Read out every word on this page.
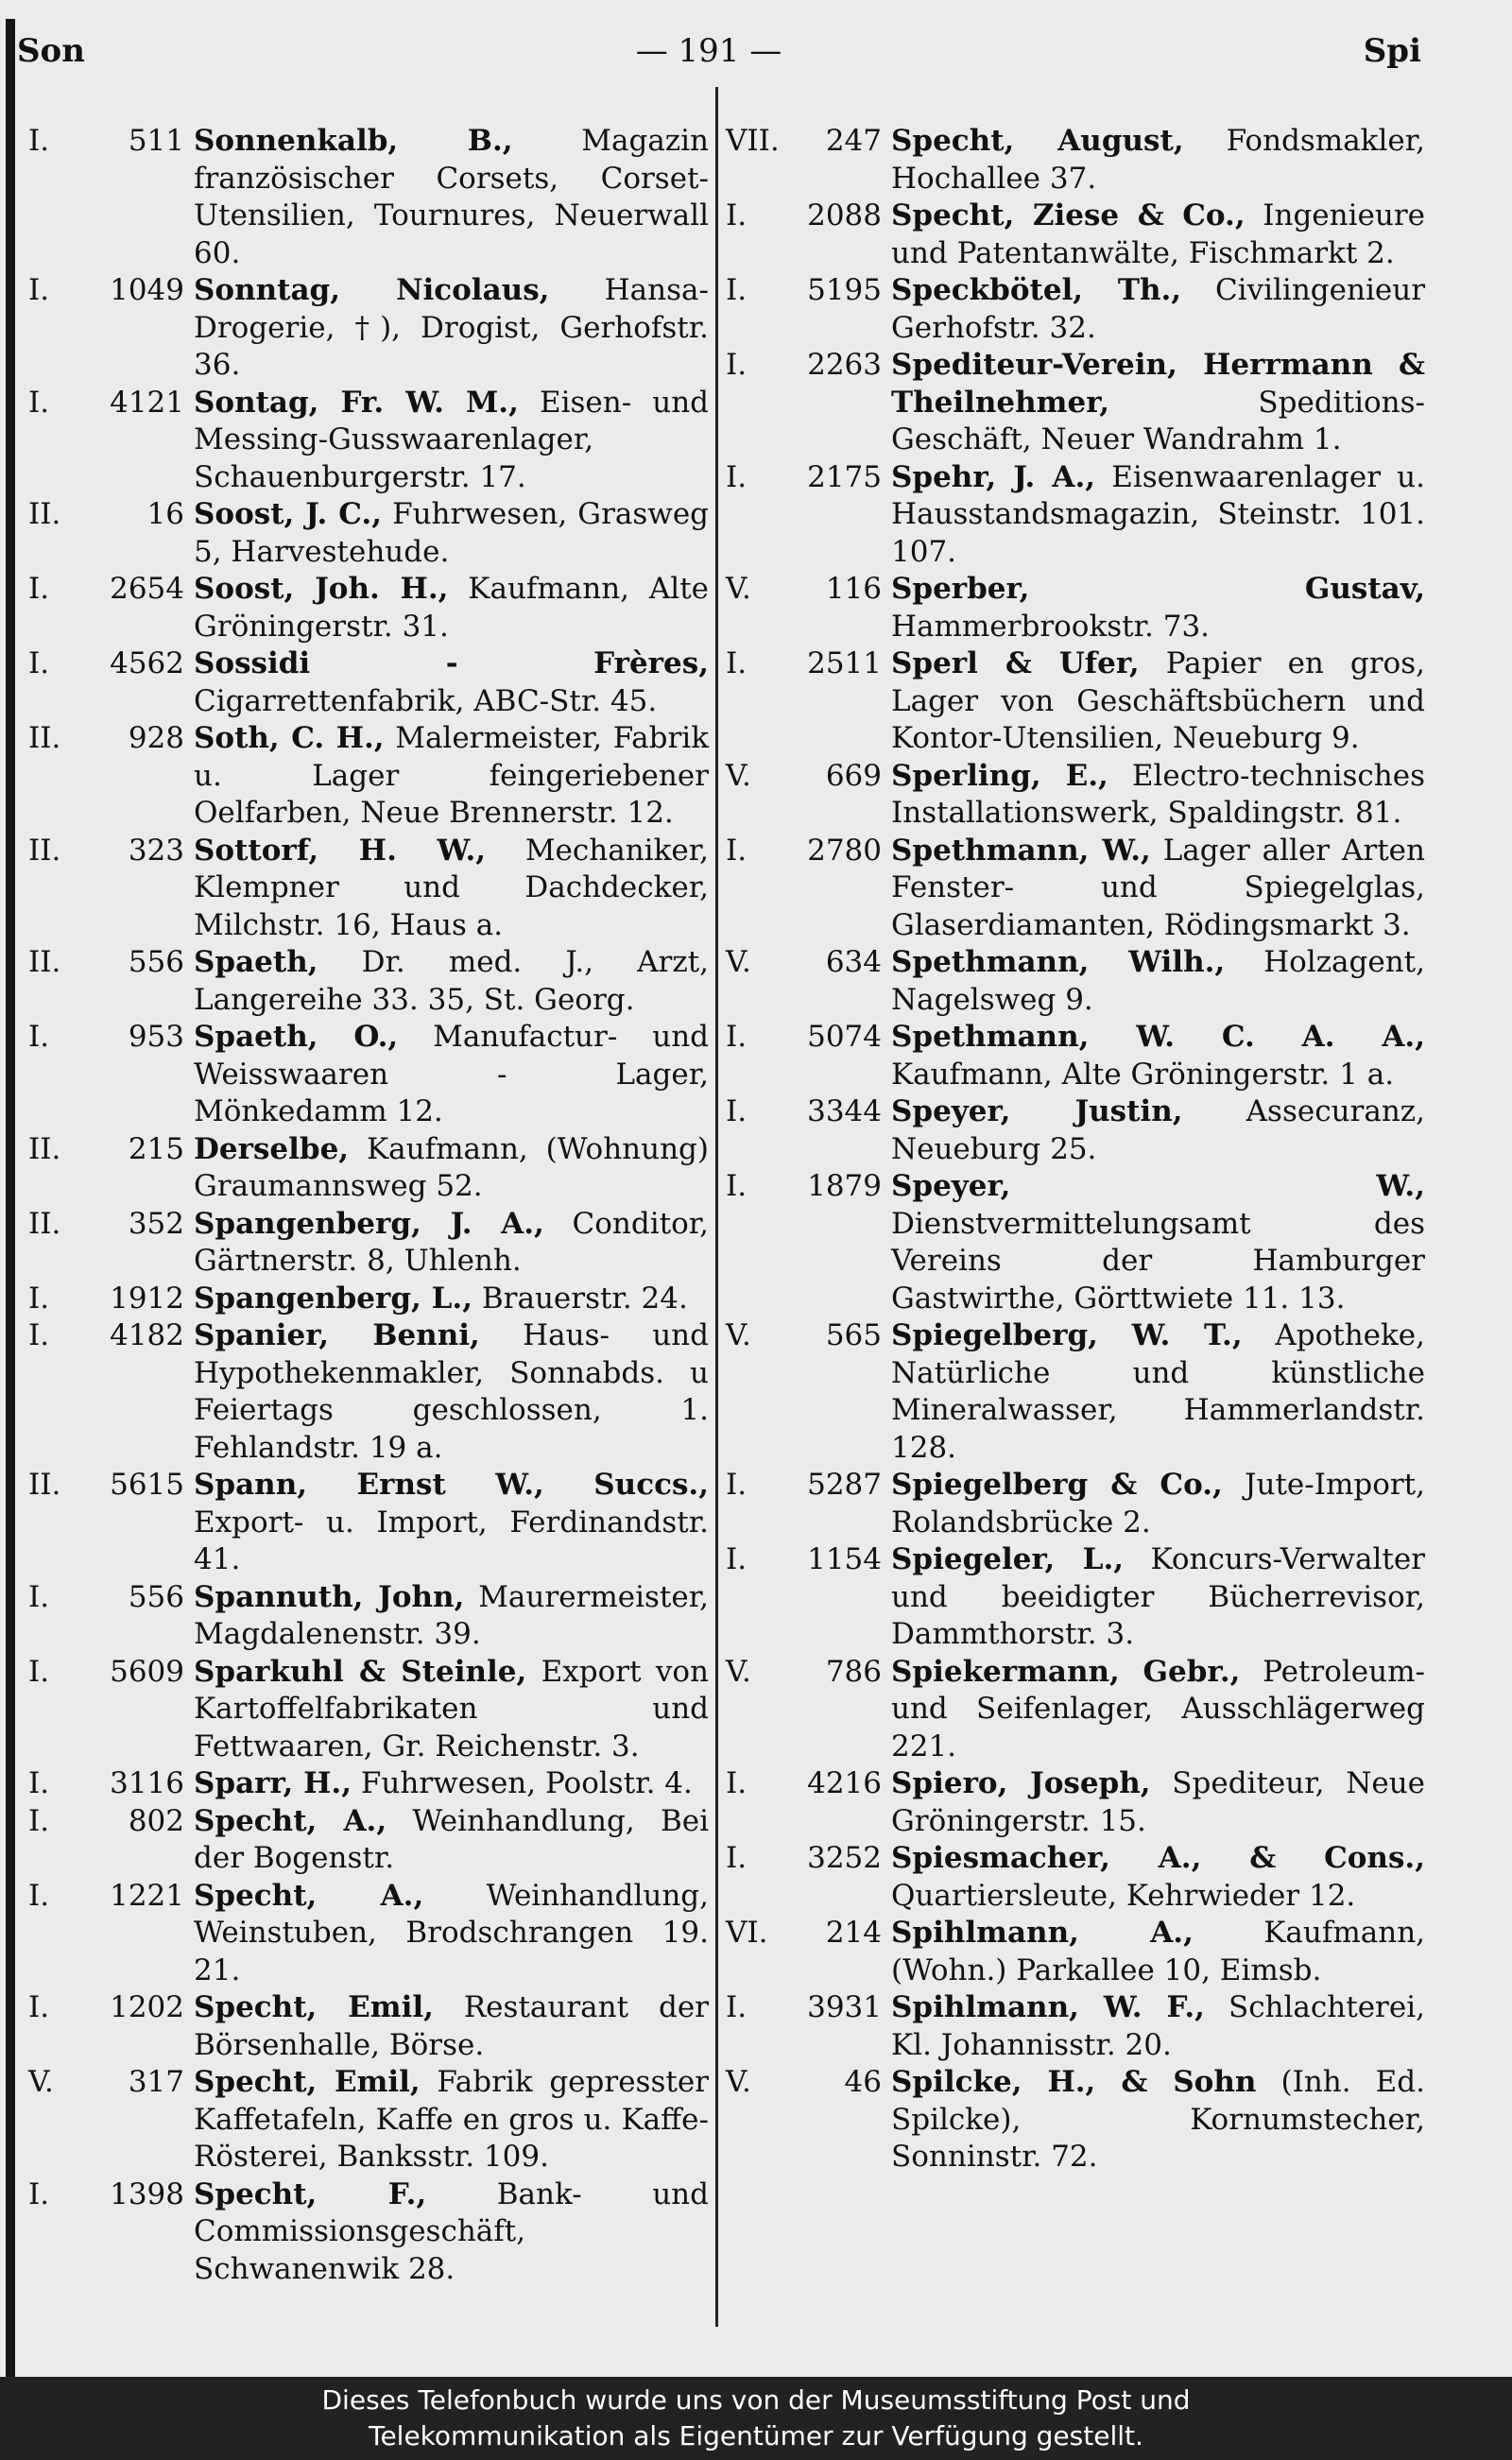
Son	— 191 —	Spi
I.	511 Sonnenkalb, B., Magazin französischer Corsets, Corset-Utensilien, Tournures, Neuerwall 60.
I.	1049 Sonntag, Nicolaus, Hansa-Drogerie, †), Drogist, Gerhofstr. 36.
I.	4121 Sontag, Fr. W. M., Eisen- und Messing-Gusswaarenlager, Schauenburgerstr. 17.
II.	16 Soost, J. C., Fuhrwesen, Grasweg 5, Harvestehude.
I.	2654 Soost, Joh. H., Kaufmann, Alte Gröningerstr. 31.
I.	4562 Sossidi - Frères, Cigarrettenfabrik, ABC-Str. 45.
II.	928 Soth, C. H., Malermeister, Fabrik u. Lager feingeriebener Oelfarben, Neue Brennerstr. 12.
II.	323 Sottorf, H. W., Mechaniker, Klempner und Dachdecker, Milchstr. 16, Haus a.
II.	556 Spaeth, Dr. med. J., Arzt, Langereihe 33. 35, St. Georg.
I.	953 Spaeth, O., Manufactur- und Weisswaaren - Lager, Mönkedamm 12.
II.	215 Derselbe, Kaufmann, (Wohnung) Graumannsweg 52.
II.	352 Spangenberg, J. A., Conditor, Gärtnerstr. 8, Uhlenh.
I.	1912 Spangenberg, L., Brauerstr. 24.
I.	4182 Spanier, Benni, Haus- und Hypothekenmakler, Sonnabds. u Feiertags geschlossen, 1. Fehlandstr. 19 a.
II.	5615 Spann, Ernst W., Succs., Export- u. Import, Ferdinandstr. 41.
I.	556 Spannuth, John, Maurermeister, Magdalenenstr. 39.
I.	5609 Sparkuhl & Steinle, Export von Kartoffelfabrikaten und Fettwaaren, Gr. Reichenstr. 3.
I.	3116 Sparr, H., Fuhrwesen, Poolstr. 4.
I.	802 Specht, A., Weinhandlung, Bei der Bogenstr.
I.	1221 Specht, A., Weinhandlung, Weinstuben, Brodschrangen 19. 21.
I.	1202 Specht, Emil, Restaurant der Börsenhalle, Börse.
V.	317 Specht, Emil, Fabrik gepresster Kaffetafeln, Kaffe en gros u. Kaffe-Rösterei, Banksstr. 109.
I.	1398 Specht, F., Bank- und Commissionsgeschäft, Schwanenwik 28.
VII.	247 Specht, August, Fondsmakler, Hochallee 37.
I.	2088 Specht, Ziese & Co., Ingenieure und Patentanwälte, Fischmarkt 2.
I.	5195 Speckbötel, Th., Civilingenieur Gerhofstr. 32.
I.	2263 Spediteur-Verein, Herrmann & Theilnehmer,	Speditions-Geschäft, Neuer Wandrahm 1.
I.	2175 Spehr, J. A., Eisenwaarenlager u. Hausstandsmagazin, Steinstr. 101. 107.
V.	116 Sperber, Gustav, Hammerbrookstr. 73.
I.	2511 Sperl & Ufer, Papier en gros, Lager von Geschäftsbüchern und Kontor-Utensilien, Neueburg 9.
V.	669 Sperling, E., Electro-technisches Installationswerk, Spaldingstr. 81.
I.	2780 Spethmann, W., Lager aller Arten Fenster- und Spiegelglas, Glaserdiamanten, Rödingsmarkt 3.
V.	634 Spethmann, Wilh., Holzagent, Nagelsweg 9.
I.	5074 Spethmann, W. C. A. A., Kaufmann, Alte Gröningerstr. 1 a.
I.	3344 Speyer, Justin, Assecuranz, Neueburg 25.
I.	1879 Speyer, W., Dienstvermittelungsamt des Vereins der Hamburger Gastwirthe, Görttwiete 11. 13.
V.	565 Spiegelberg, W. T., Apotheke, Natürliche und künstliche Mineralwasser, Hammerlandstr. 128.
I.	5287 Spiegelberg & Co., Jute-Import, Rolandsbrücke 2.
I.	1154 Spiegeler, L., Koncurs-Verwalter und beeidigter Bücherrevisor, Dammthorstr. 3.
V.	786 Spiekermann, Gebr., Petroleum- und Seifenlager, Ausschlägerweg 221.
I.	4216 Spiero, Joseph, Spediteur, Neue Gröningerstr. 15.
I.	3252 Spiesmacher, A., & Cons., Quartiersleute, Kehrwieder 12.
VI.	214 Spihlmann, A., Kaufmann, (Wohn.) Parkallee 10, Eimsb.
I.	3931 Spihlmann, W. F., Schlachterei, Kl. Johannisstr. 20.
V.	46 Spilcke, H., & Sohn (Inh. Ed. Spilcke), Kornumstecher, Sonninstr. 72.
Dieses Telefonbuch wurde uns von der Museumsstiftung Post und
Telekommunikation als Eigentümer zur Verfügung gestellt.
